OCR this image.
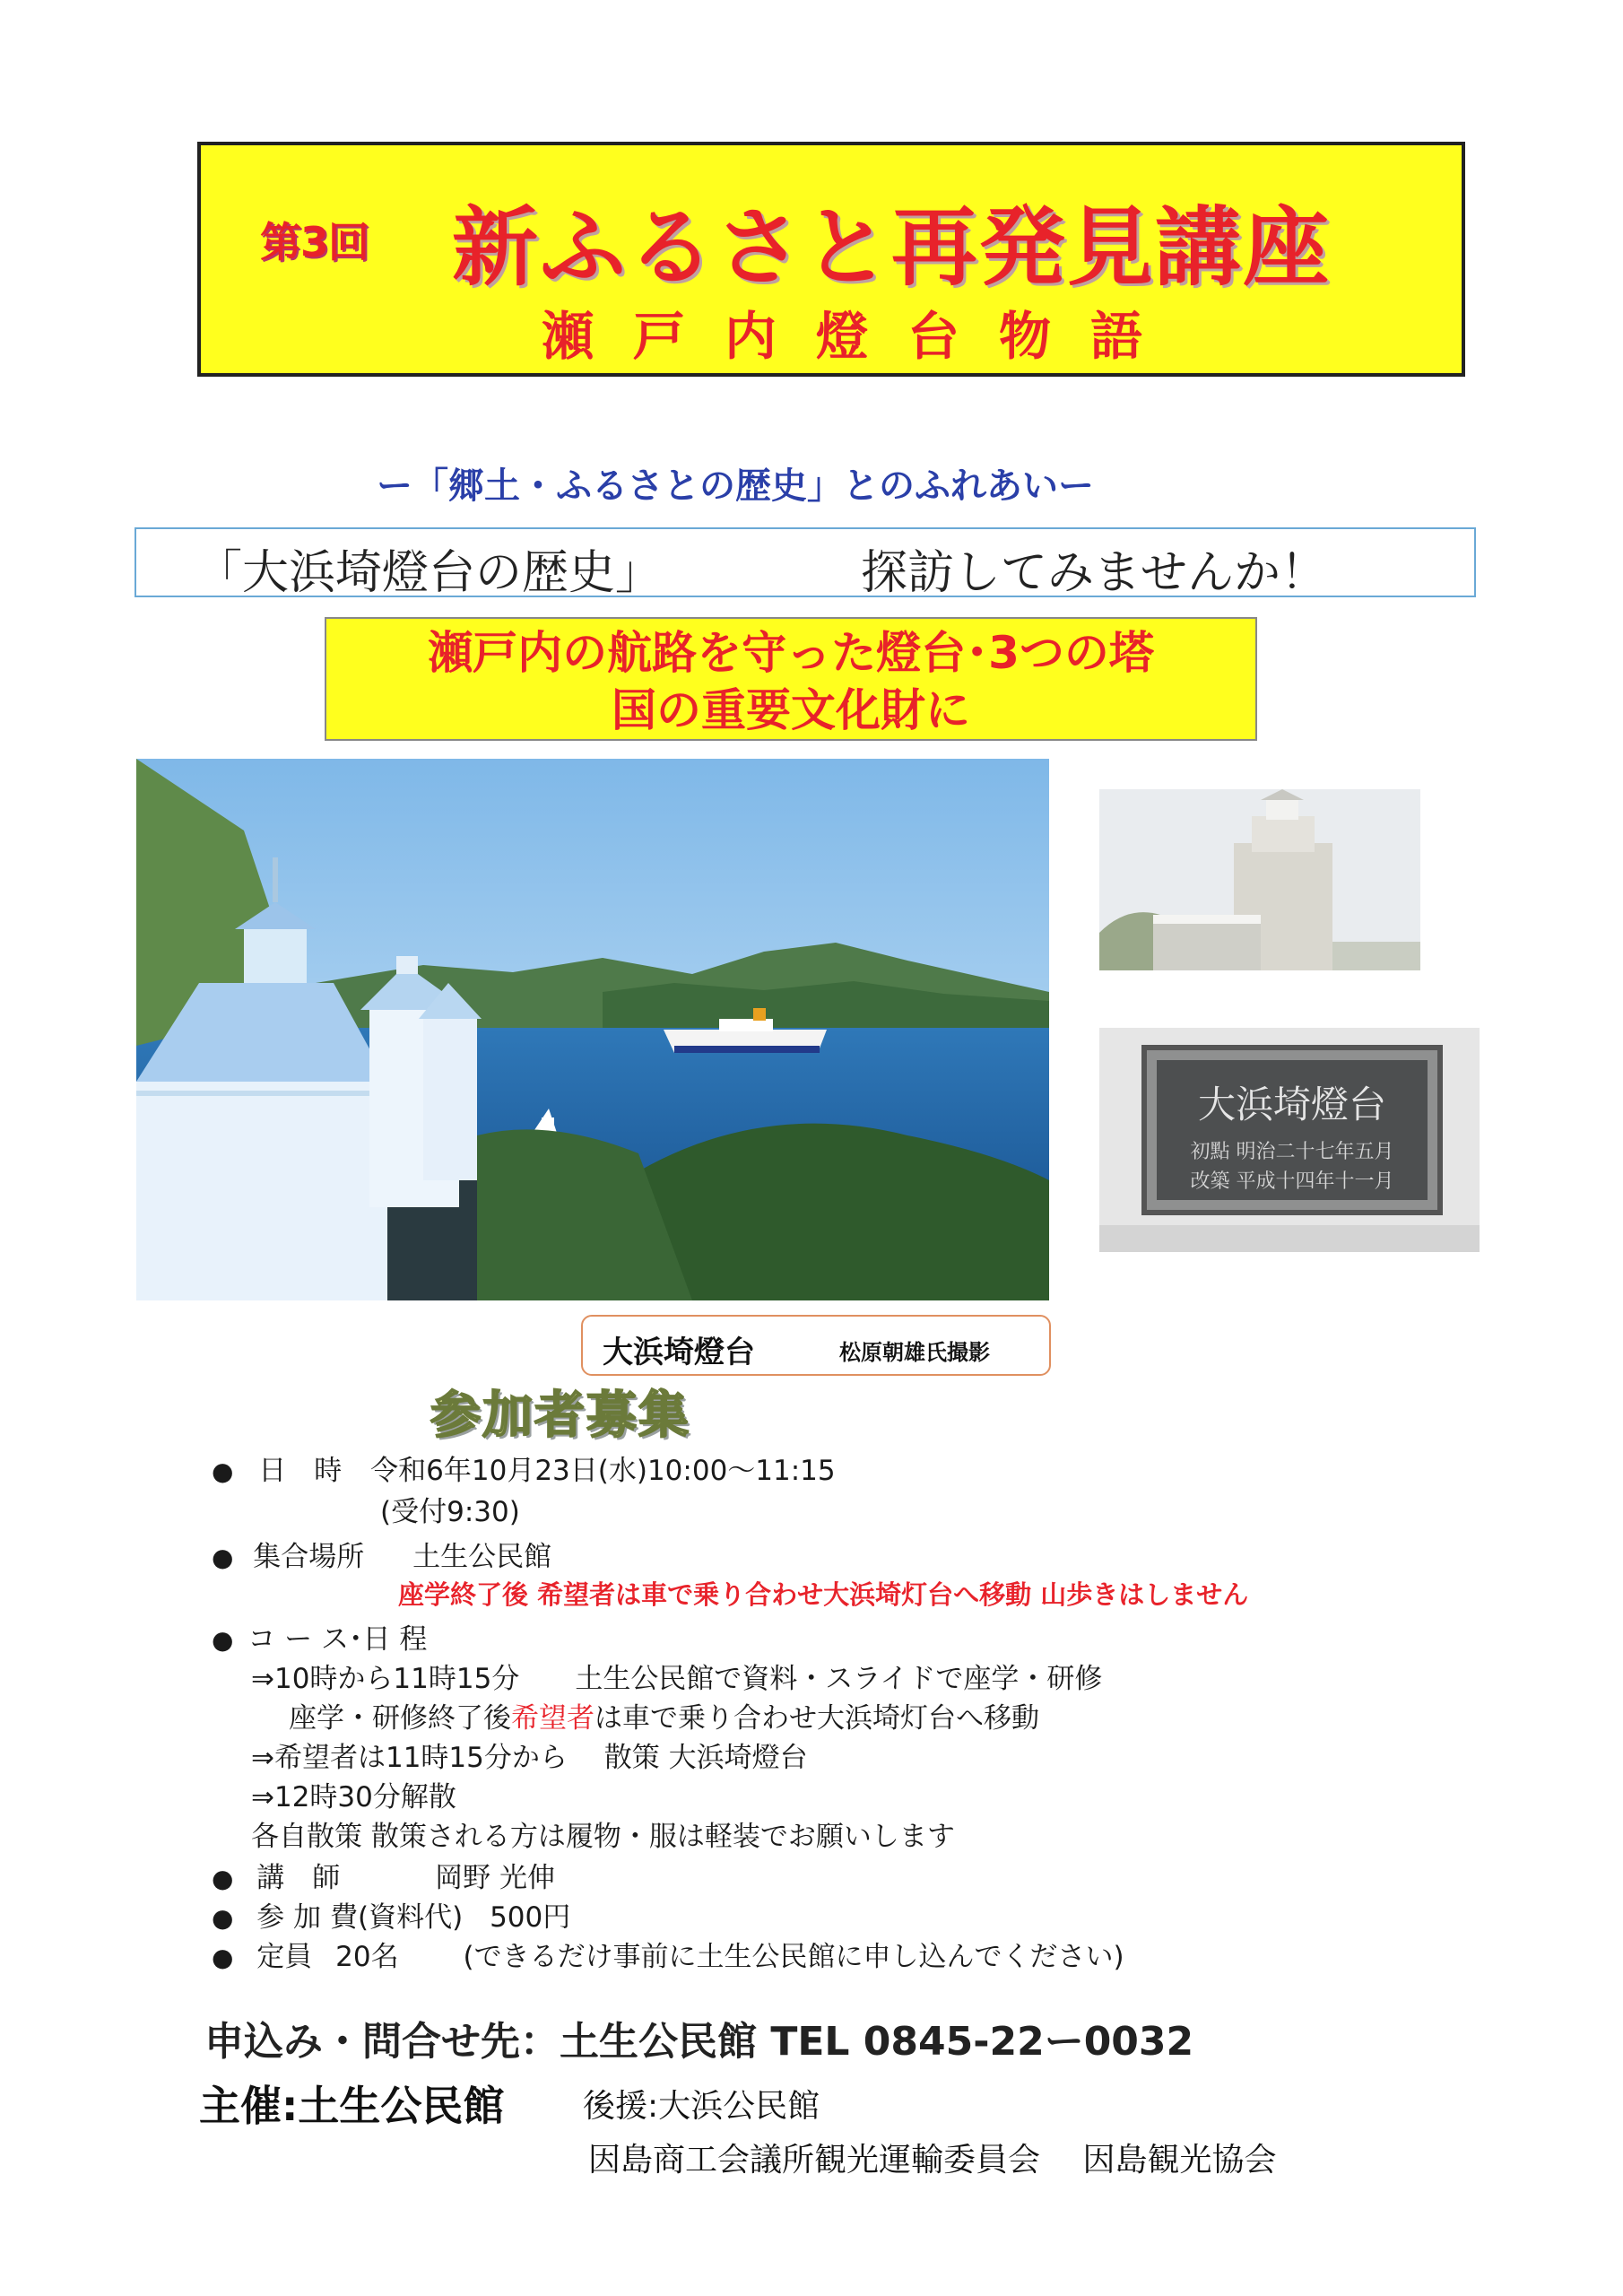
第3回 新ふるさと再発見講座
瀬戸内燈台物語
ー「郷土・ふるさとの歴史」とのふれあいー
「大浜埼燈台の歴史」	探訪してみませんか！
瀬戸内の航路を守った燈台･3つの塔
国の重要文化財に
大浜埼燈台
初點 明治二十七年五月
改築 平成十四年十一月
大浜埼燈台	松原朝雄氏撮影
参加者募集
● 日　時 令和6年10月23日(水)10:00～11:15
(受付9:30)
● 集合場所 土生公民館
座学終了後 希望者は車で乗り合わせ大浜埼灯台へ移動 山歩きはしません
● コ ー ス･日 程
⇒10時から11時15分　　土生公民館で資料・スライドで座学・研修
座学・研修終了後希望者は車で乗り合わせ大浜埼灯台へ移動
⇒希望者は11時15分から　 散策 大浜埼燈台
⇒12時30分解散
各自散策 散策される方は履物・服は軽装でお願いします
● 講　師	岡野 光伸
● 参 加 費(資料代) 500円
● 定員 20名 (できるだけ事前に土生公民館に申し込んでください)
申込み・問合せ先：土生公民館 TEL 0845-22ー0032
主催:土生公民館 後援:大浜公民館
因島商工会議所観光運輸委員会　 因島観光協会
